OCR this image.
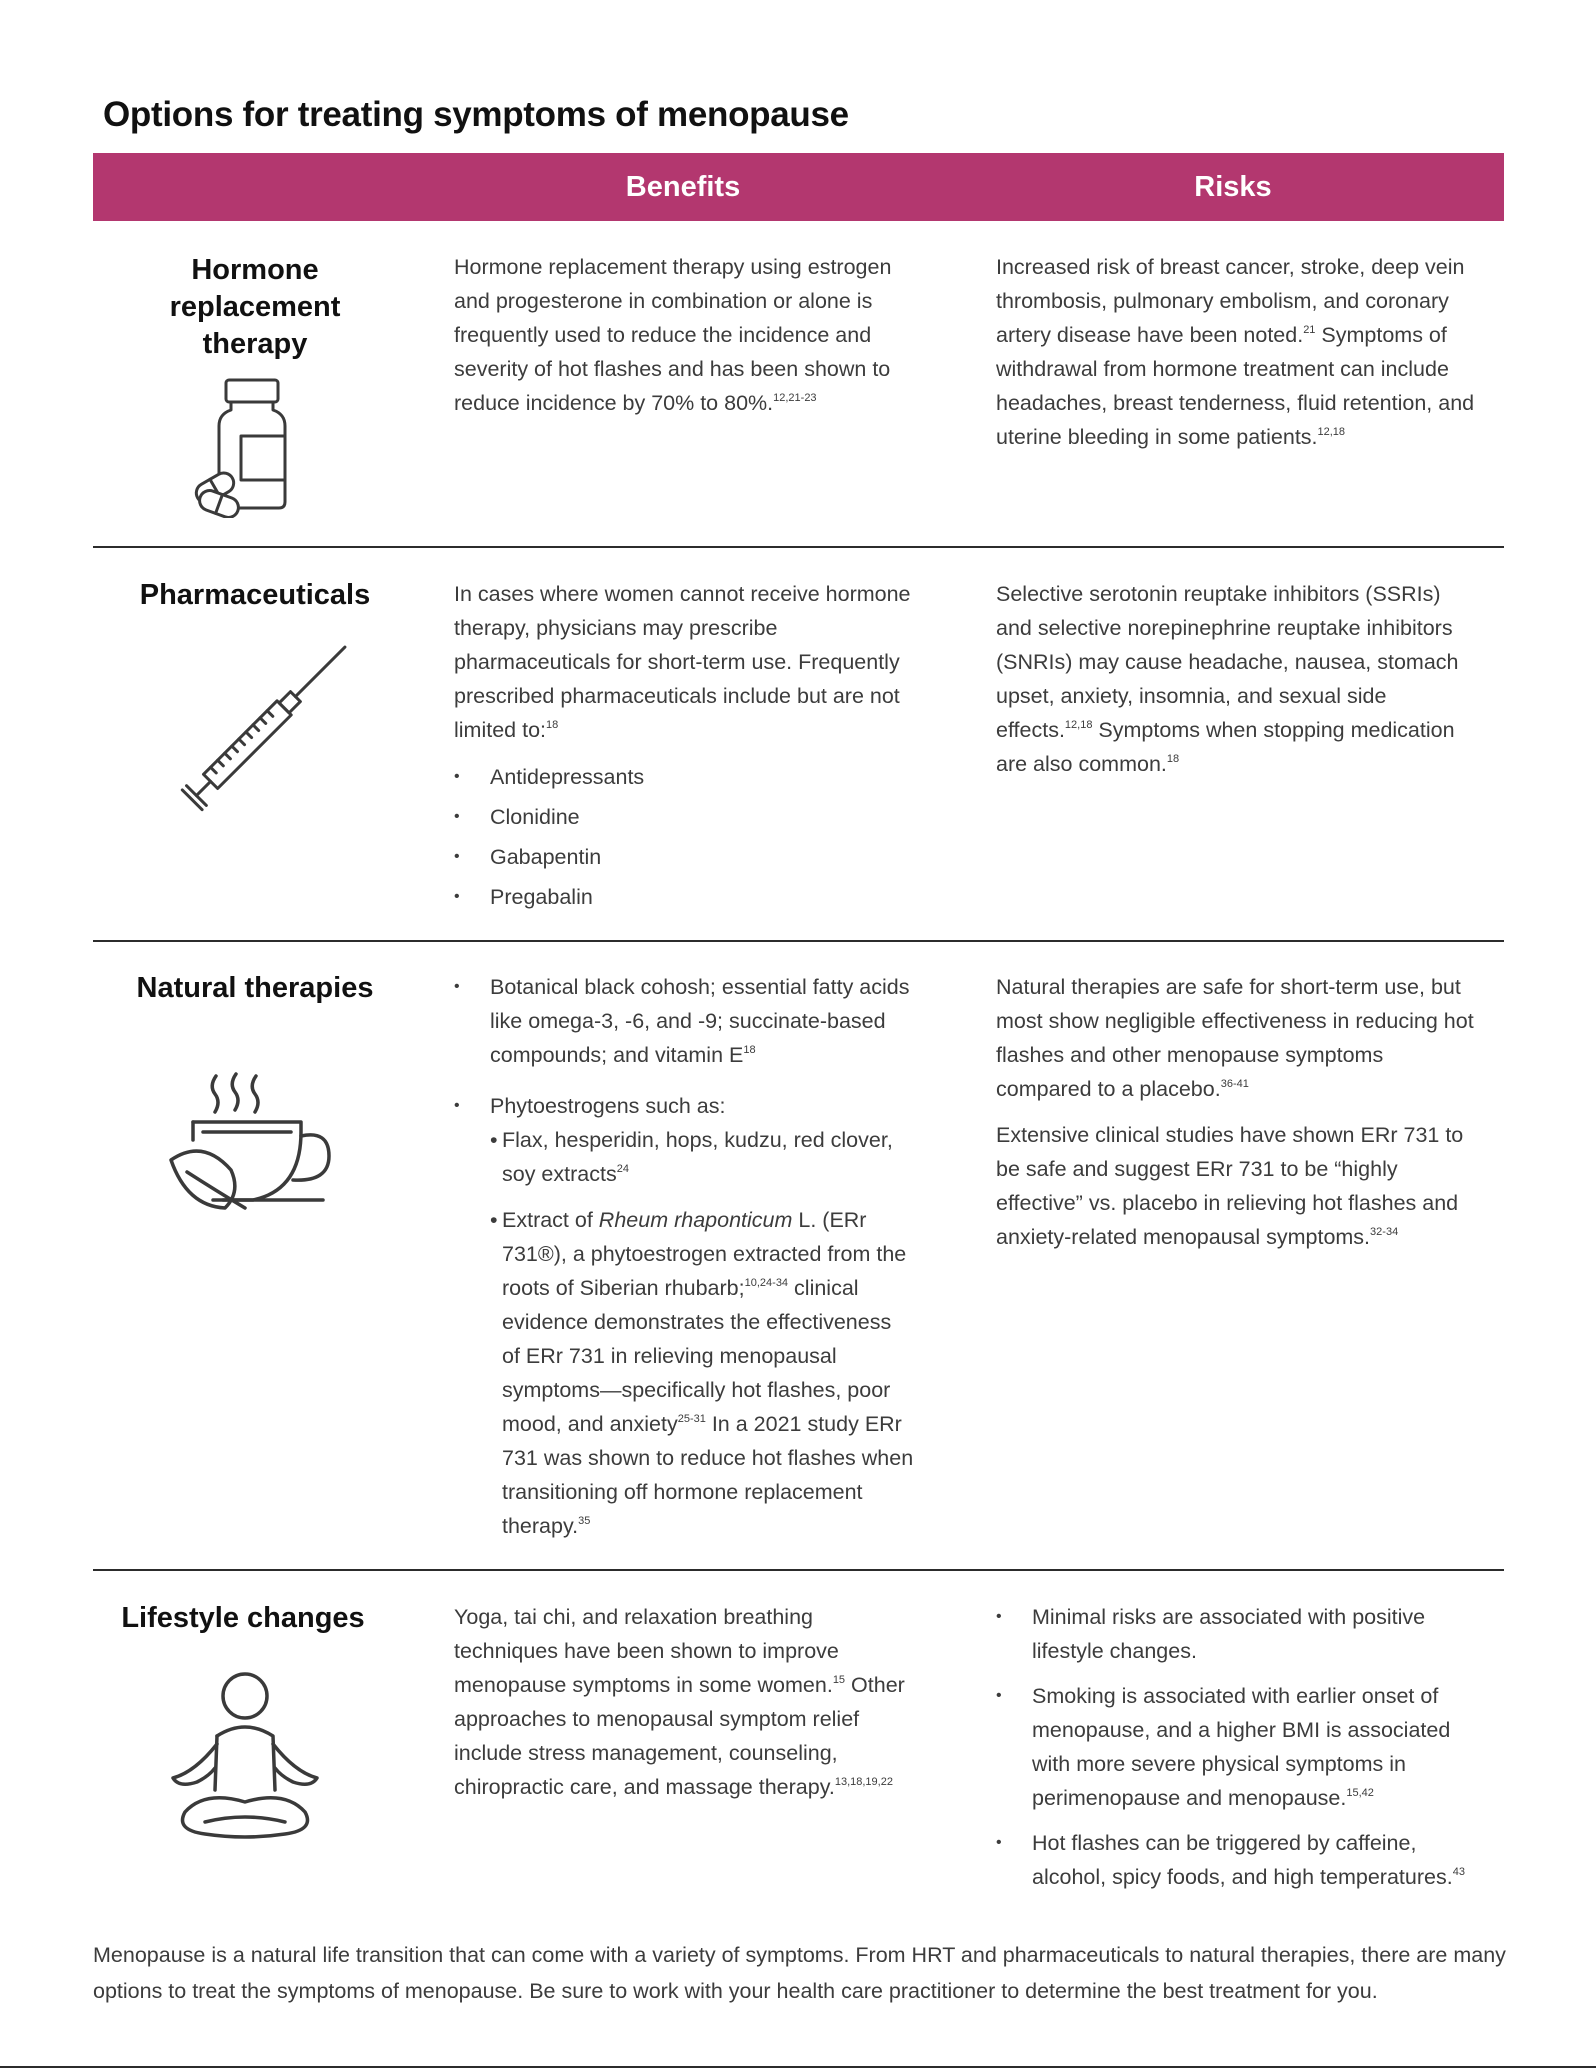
Options for treating symptoms of menopause
Benefits	Risks
Hormone replacement therapy

Hormone replacement therapy using estrogen and progesterone in combination or alone is frequently used to reduce the incidence and severity of hot flashes and has been shown to reduce incidence by 70% to 80%.$^{12,21-23}$

Increased risk of breast cancer, stroke, deep vein thrombosis, pulmonary embolism, and coronary artery disease have been noted.$^{21}$ Symptoms of withdrawal from hormone treatment can include headaches, breast tenderness, fluid retention, and uterine bleeding in some patients.$^{12,18}$

Pharmaceuticals	In cases where women cannot receive hormone therapy, physicians may prescribe pharmaceuticals for short-term use. Frequently prescribed pharmaceuticals include but are not limited to:$^{18}$

• Antidepressants
• Clonidine
• Gabapentin
• Pregabalin

Selective serotonin reuptake inhibitors (SSRIs) and selective norepinephrine reuptake inhibitors (SNRIs) may cause headache, nausea, stomach upset, anxiety, insomnia, and sexual side effects.$^{12,18}$ Symptoms when stopping medication are also common.$^{18}$

Natural therapies
•	Botanical black cohosh; essential fatty acids like omega-3, -6, and -9; succinate-based compounds; and vitamin $E^{18}$
• Phytoestrogens such as:
• Flax, hesperidin, hops, kudzu, red clover, soy extracts$^{24}$
• Extract of Rheum rhaponticum L. (ERr 731®), a phytoestrogen extracted from the roots of Siberian rhubarb;$^{10,24-34}$ clinical evidence demonstrates the effectiveness of ERr 731 in relieving menopausal symptoms—specifically hot flashes, poor mood, and anxiety$^{25-31}$ In a 2021 study ERr 731 was shown to reduce hot flashes when transitioning off hormone replacement therapy.$^{35}$

Natural therapies are safe for short-term use, but most show negligible effectiveness in reducing hot flashes and other menopause symptoms compared to a placebo.$^{36-41}$

Extensive clinical studies have shown ERr 731 to be safe and suggest ERr 731 to be “highly effective” vs. placebo in relieving hot flashes and anxiety-related menopausal symptoms.$^{32-34}$

Lifestyle changes	Yoga, tai chi, and relaxation breathing techniques have been shown to improve menopause symptoms in some women.$^{15}$ Other approaches to menopausal symptom relief include stress management, counseling, chiropractic care, and massage therapy.$^{13,18,19,22}$

• Minimal risks are associated with positive lifestyle changes.
• Smoking is associated with earlier onset of menopause, and a higher BMI is associated with more severe physical symptoms in perimenopause and menopause.$^{15,42}$
• Hot flashes can be triggered by caffeine, alcohol, spicy foods, and high temperatures.$^{43}$

Menopause is a natural life transition that can come with a variety of symptoms. From HRT and pharmaceuticals to natural therapies, there are many options to treat the symptoms of menopause. Be sure to work with your health care practitioner to determine the best treatment for you.
